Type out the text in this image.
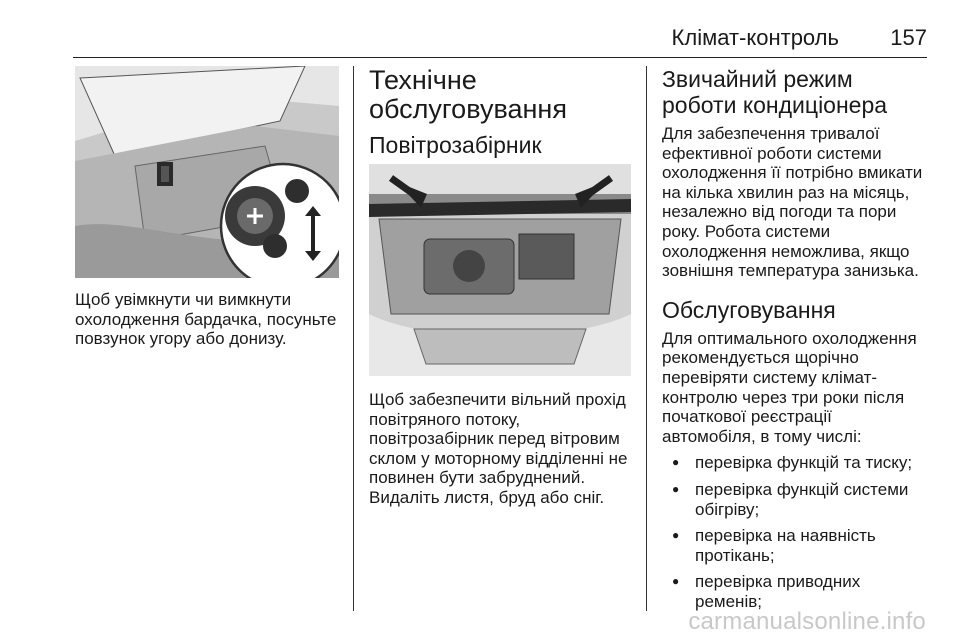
Клімат-контроль 157

Щоб увімкнути чи вимкнути охолодження бардачка, посуньте повзунок угору або донизу.

Технічне обслуговування
Повітрозабірник

Щоб забезпечити вільний прохід повітряного потоку, повітрозабірник перед вітровим склом у моторному відділенні не повинен бути забруднений. Видаліть листя, бруд або сніг.

Звичайний режим роботи кондиціонера

Для забезпечення тривалої ефективної роботи системи охолодження її потрібно вмикати на кілька хвилин раз на місяць, незалежно від погоди та пори року. Робота системи охолодження неможлива, якщо зовнішня температура занизька.

Обслуговування

Для оптимального охолодження рекомендується щорічно перевіряти систему клімат-контролю через три роки після початкової реєстрації автомобіля, в тому числі:

● перевірка функцій та тиску;
● перевірка функцій системи обігріву;
● перевірка на наявність протікань;
● перевірка приводних ременів;
carmanualsonline.info
